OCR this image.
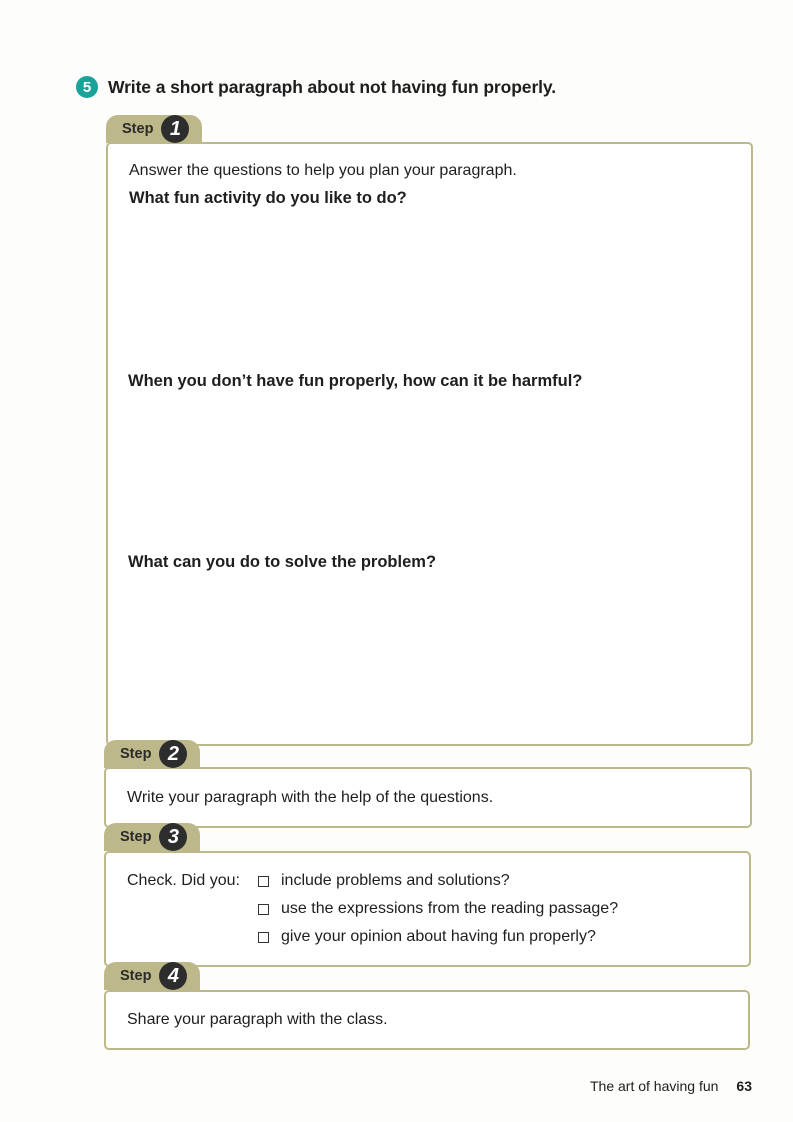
5 Write a short paragraph about not having fun properly.
Step 1
Answer the questions to help you plan your paragraph.
What fun activity do you like to do?
When you don’t have fun properly, how can it be harmful?
What can you do to solve the problem?
Step 2
Write your paragraph with the help of the questions.
Step 3
Check. Did you:	include problems and solutions?
use the expressions from the reading passage?
give your opinion about having fun properly?
Step 4
Share your paragraph with the class.
The art of having fun 63
